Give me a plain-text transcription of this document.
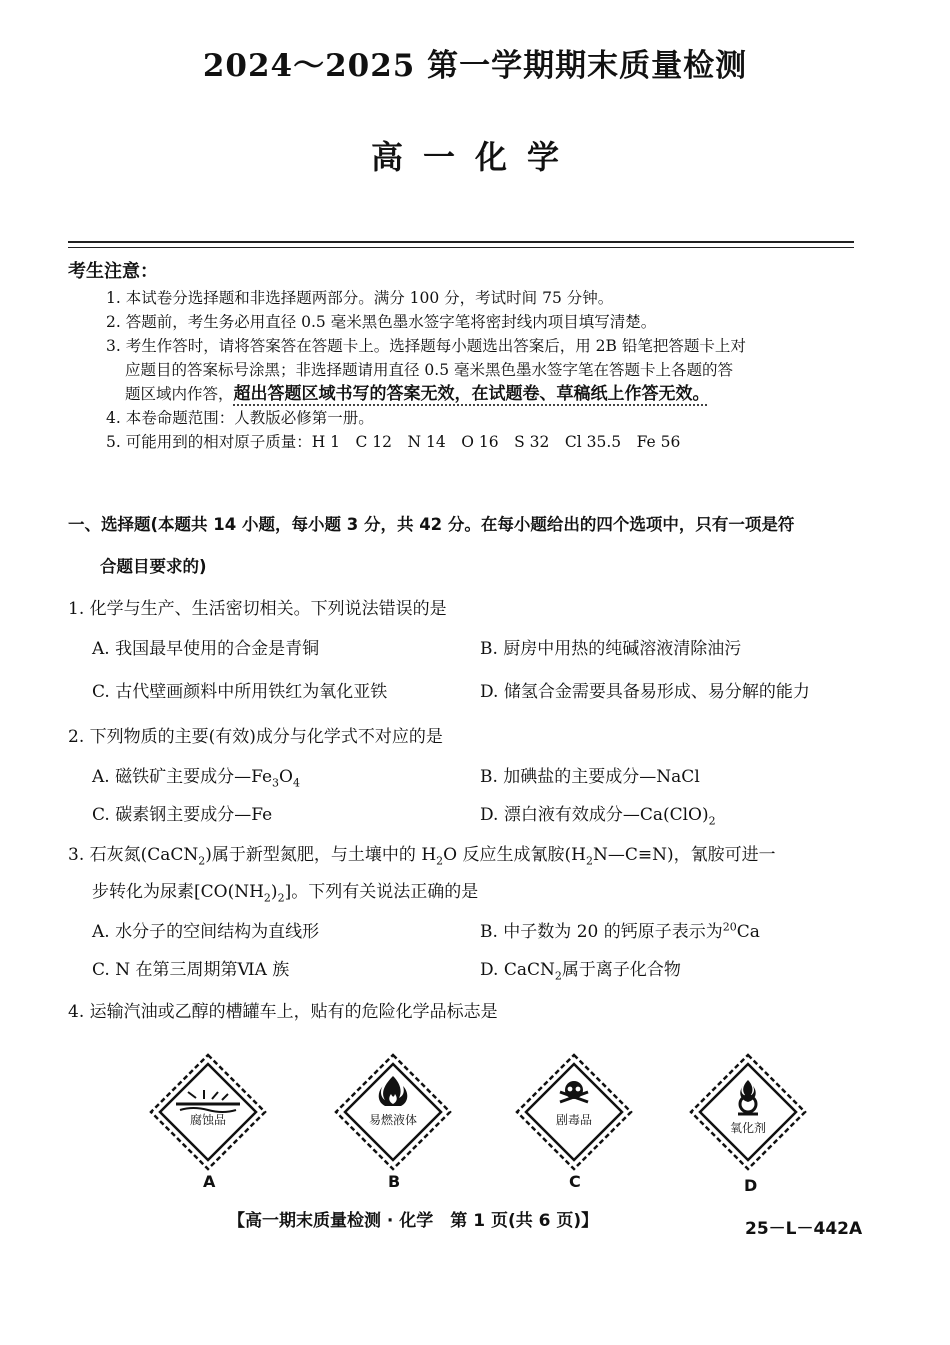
2024～2025 第一学期期末质量检测
高一化学
考生注意：
1. 本试卷分选择题和非选择题两部分。满分 100 分，考试时间 75 分钟。
2. 答题前，考生务必用直径 0.5 毫米黑色墨水签字笔将密封线内项目填写清楚。
3. 考生作答时，请将答案答在答题卡上。选择题每小题选出答案后，用 2B 铅笔把答题卡上对
应题目的答案标号涂黑；非选择题请用直径 0.5 毫米黑色墨水签字笔在答题卡上各题的答
题区域内作答，超出答题区域书写的答案无效，在试题卷、草稿纸上作答无效。
4. 本卷命题范围：人教版必修第一册。
5. 可能用到的相对原子质量：H 1　C 12　N 14　O 16　S 32　Cl 35.5　Fe 56
一、选择题(本题共 14 小题，每小题 3 分，共 42 分。在每小题给出的四个选项中，只有一项是符
合题目要求的)
1. 化学与生产、生活密切相关。下列说法错误的是
A. 我国最早使用的合金是青铜	B. 厨房中用热的纯碱溶液清除油污
C. 古代壁画颜料中所用铁红为氧化亚铁	D. 储氢合金需要具备易形成、易分解的能力
2. 下列物质的主要(有效)成分与化学式不对应的是
A. 磁铁矿主要成分$—Fe_3O_4$	B. 加碘盐的主要成分—NaCl
C. 碳素钢主要成分—Fe	D. 漂白液有效成分$—Ca(ClO)_2$
3. 石灰氮(CaCN$_2$)属于新型氮肥，与土壤中的 $H_2O$ 反应生成氰胺$(H_2N—C\equiv N)$，氰胺可进一
步转化为尿素$[CO(NH_2)_2]$。下列有关说法正确的是
A. 水分子的空间结构为直线形	B. 中子数为 20 的钙原子表示为$^{20}$Ca
C. N 在第三周期第ⅥA 族	D. CaCN$_2$属于离子化合物
4. 运输汽油或乙醇的槽罐车上，贴有的危险化学品标志是
腐蚀品
A
易燃液体
B
剧毒品
C
氧化剂
D
【高一期末质量检测 · 化学　第 1 页(共 6 页)】	25－L－442A
